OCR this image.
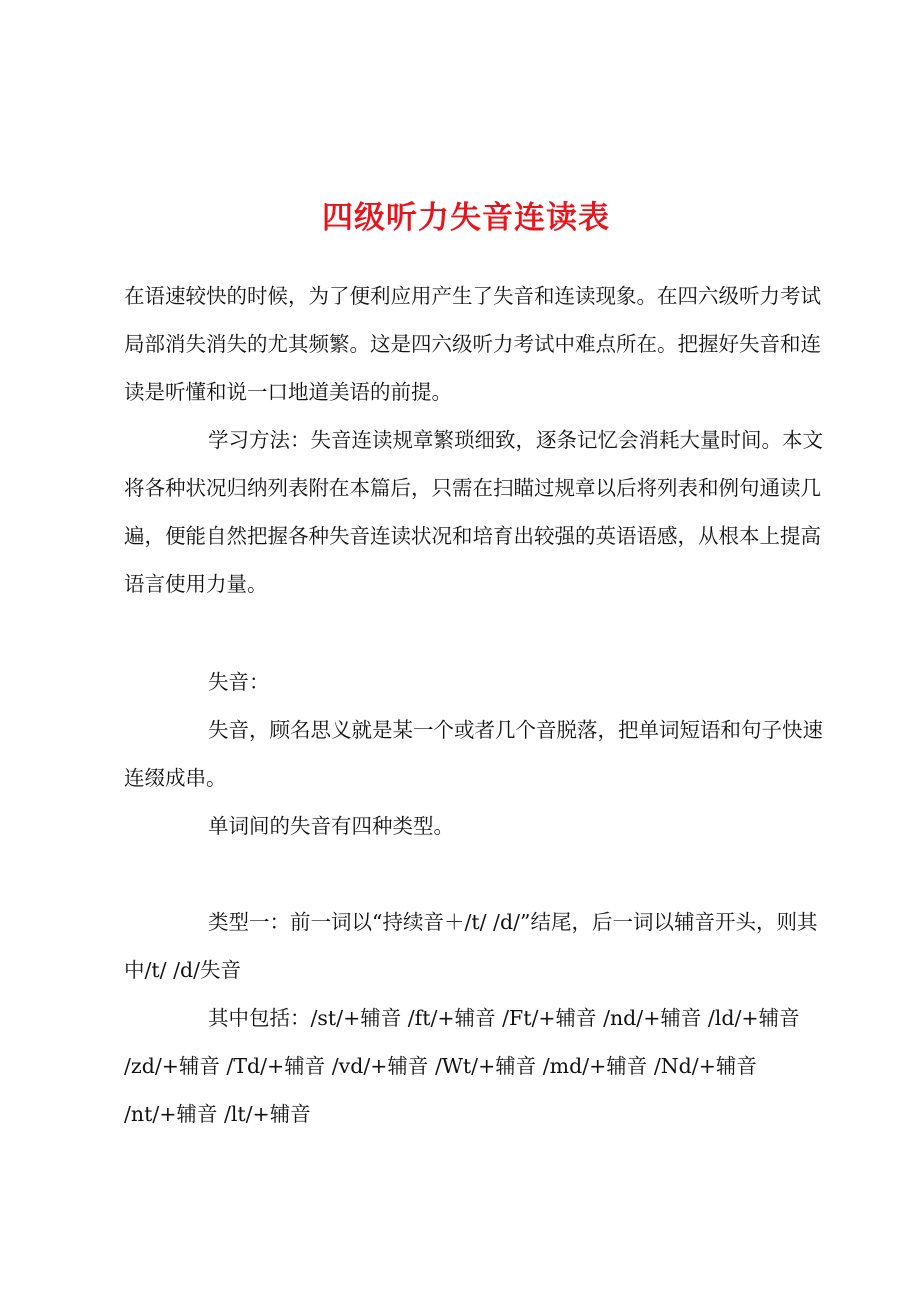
四级听力失音连读表

在语速较快的时候，为了便利应用产生了失音和连读现象。在四六级听力考试局部消失消失的尤其频繁。这是四六级听力考试中难点所在。把握好失音和连读是听懂和说一口地道美语的前提。

学习方法：失音连读规章繁琐细致，逐条记忆会消耗大量时间。本文将各种状况归纳列表附在本篇后，只需在扫瞄过规章以后将列表和例句通读几遍，便能自然把握各种失音连读状况和培育出较强的英语语感，从根本上提高语言使用力量。

失音：

失音，顾名思义就是某一个或者几个音脱落，把单词短语和句子快速连缀成串。

单词间的失音有四种类型。

类型一：前一词以“持续音＋/t/ /d/”结尾，后一词以辅音开头，则其中/t/ /d/失音

其中包括：/st/+辅音 /ft/+辅音 /Ft/+辅音 /nd/+辅音 /ld/+辅音 /zd/+辅音 /Td/+辅音 /vd/+辅音 /Wt/+辅音 /md/+辅音 /Nd/+辅音 /nt/+辅音 /lt/+辅音
